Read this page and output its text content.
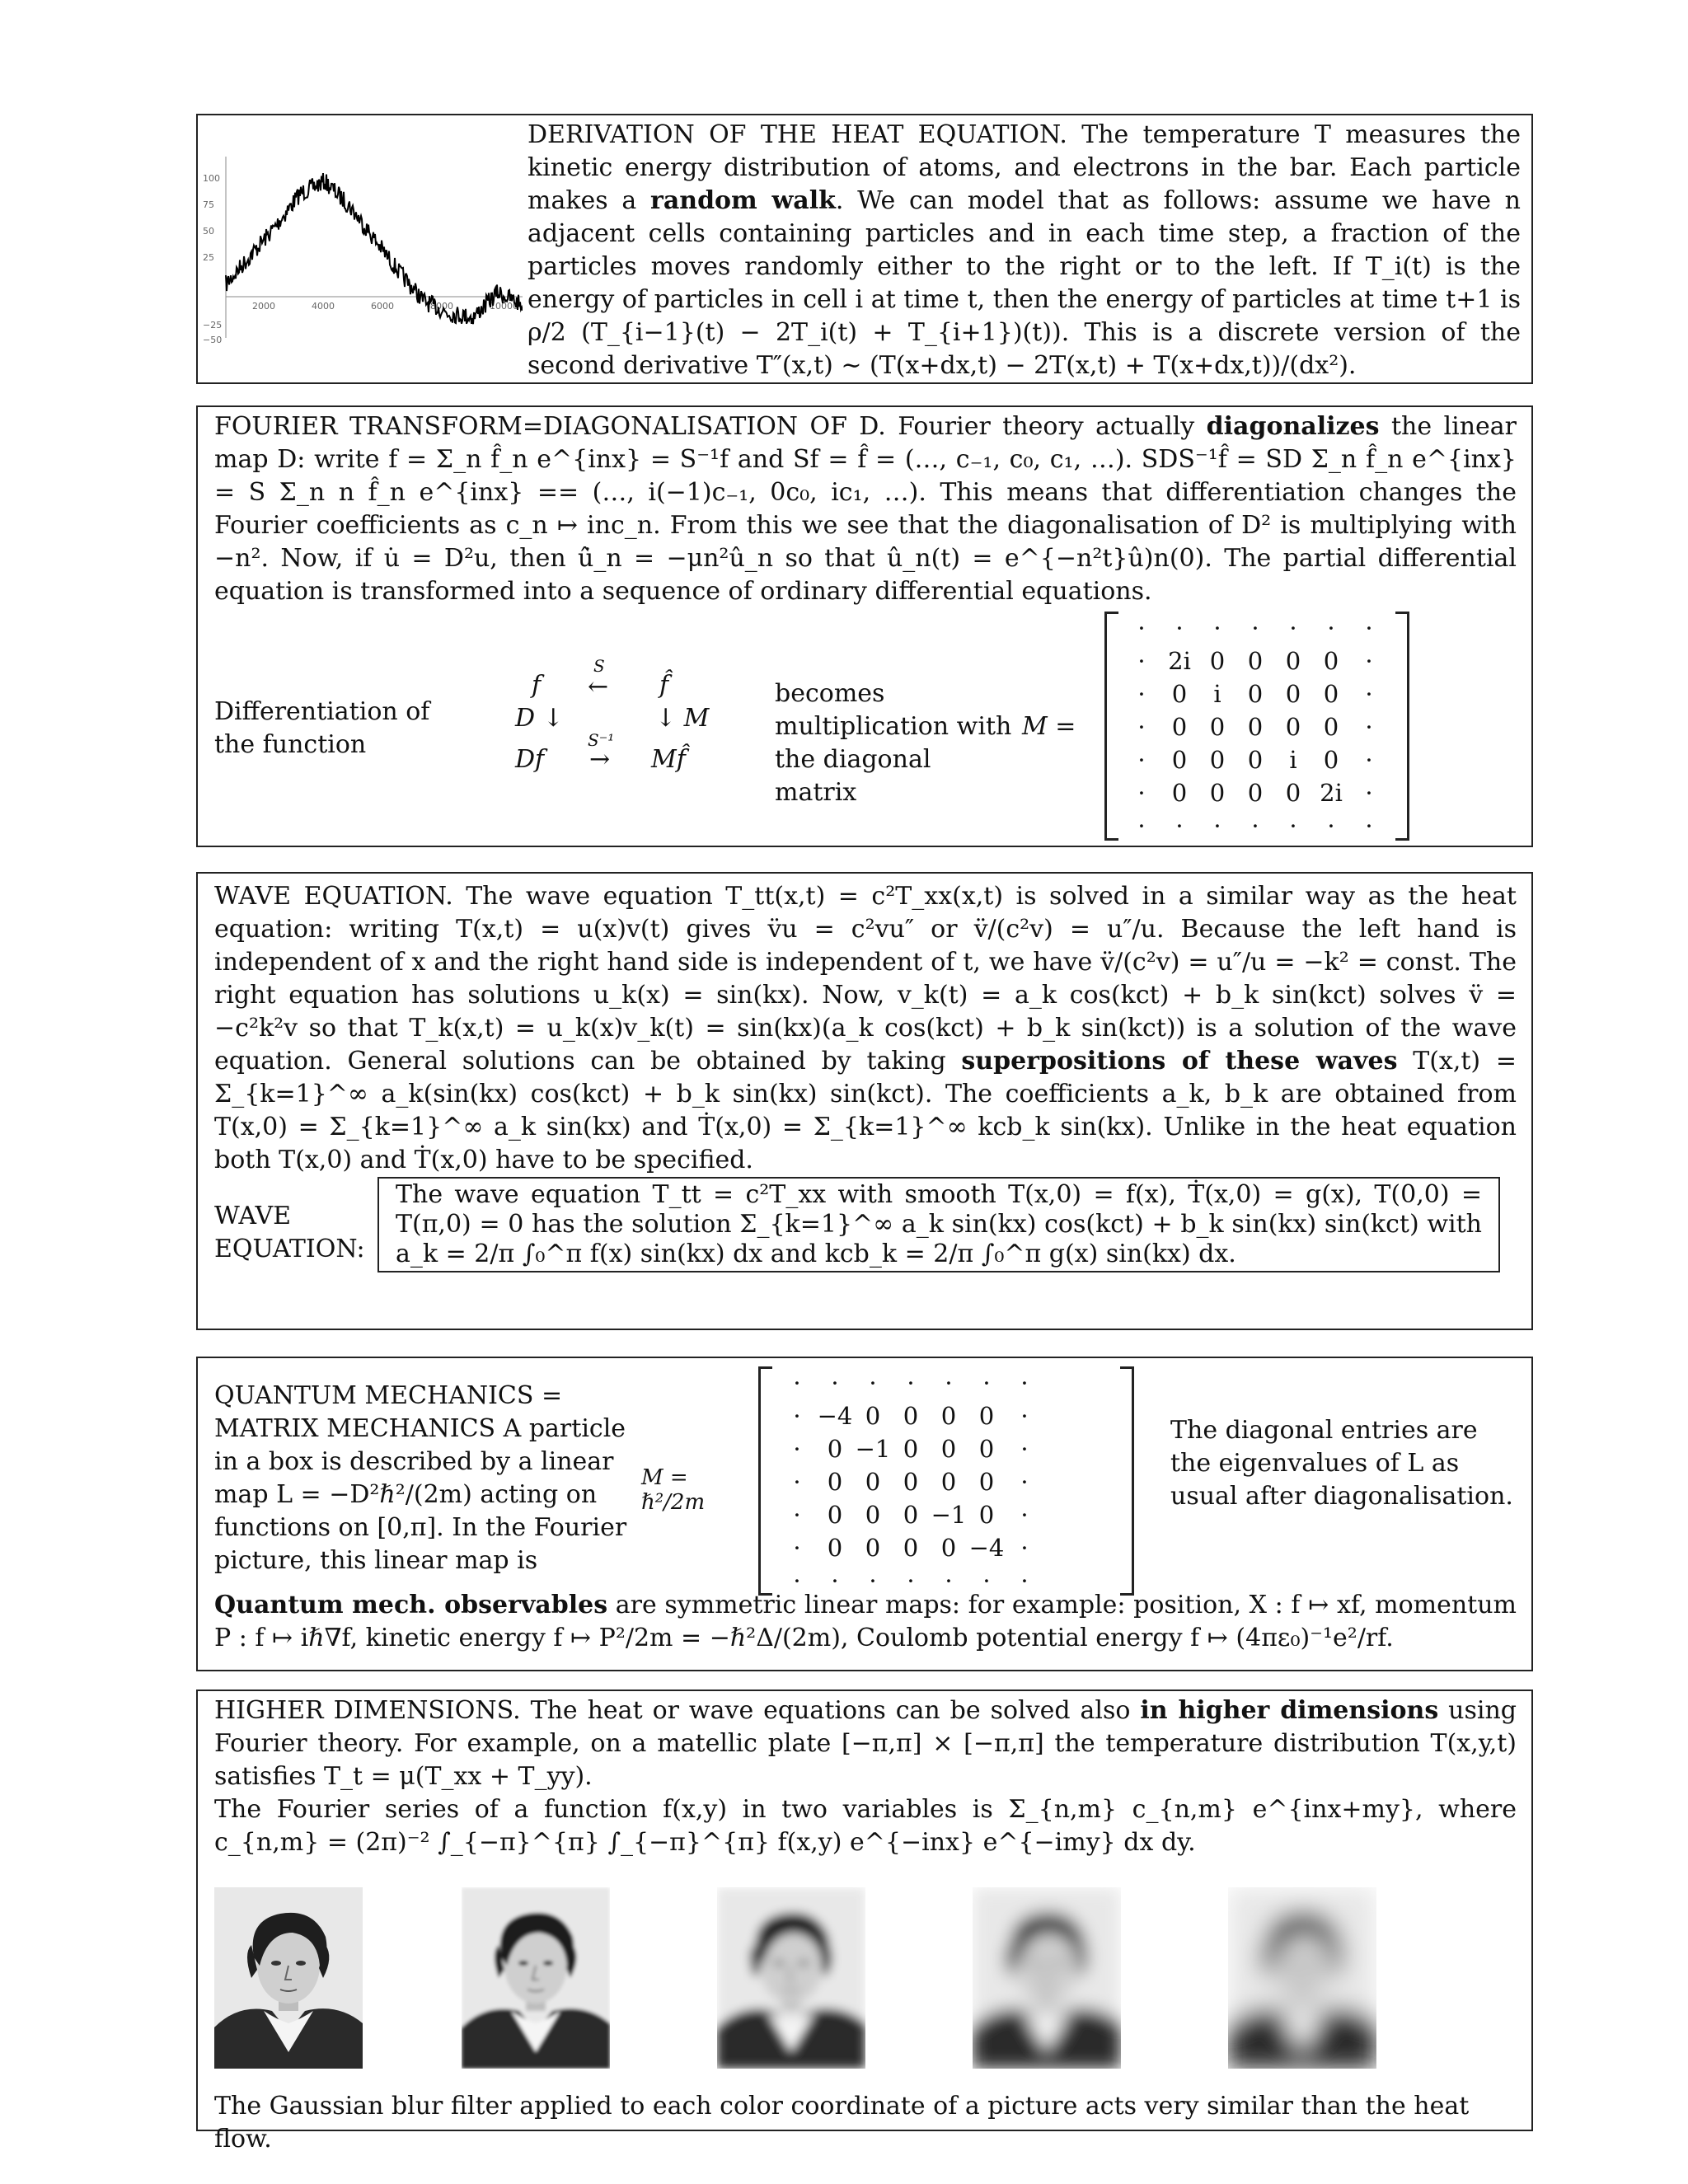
100
75
50
25
−25
−50
2000	4000	6000	8000	10000

DERIVATION OF THE HEAT EQUATION. The temperature T measures the kinetic energy distribution of atoms, and electrons in the bar. Each particle makes a random walk. We can model that as follows: assume we have n adjacent cells containing particles and in each time step, a fraction of the particles moves randomly either to the right or to the left. If T_i(t) is the energy of particles in cell i at time t, then the energy of particles at time t+1 is ρ/2 (T_{i−1}(t) − 2T_i(t) + T_{i+1})(t)). This is a discrete version of the second derivative T″(x,t) ∼ (T(x+dx,t) − 2T(x,t) + T(x+dx,t))/(dx²).

FOURIER TRANSFORM=DIAGONALISATION OF D. Fourier theory actually diagonalizes the linear map D: write f = Σ_n f̂_n e^{inx} = S⁻¹f and Sf = f̂ = (…, c₋₁, c₀, c₁, …). SDS⁻¹f̂ = SD Σ_n f̂_n e^{inx} = S Σ_n n f̂_n e^{inx} == (…, i(−1)c₋₁, 0c₀, ic₁, …). This means that differentiation changes the Fourier coefficients as c_n ↦ inc_n. From this we see that the diagonalisation of D² is multiplying with −n². Now, if u̇ = D²u, then û̇_n = −μn²û_n so that û_n(t) = e^{−n²t}û)n(0). The partial differential equation is transformed into a sequence of ordinary differential equations.

Differentiation of the function
f
S
← f̂
D ↓	↓ M
Df
S⁻¹
→ Mf̂
becomes multiplication with the diagonal matrix
M =
·	·	·	·	·	·	·
·	2i	0	0	0	0	·
·	0	i	0	0	0	·
·	0	0	0	0	0	·
·	0	0	0	i	0	·
·	0	0	0	0	2i	·
·	·	·	·	·	·	·

WAVE EQUATION. The wave equation T_tt(x,t) = c²T_xx(x,t) is solved in a similar way as the heat equation: writing T(x,t) = u(x)v(t) gives v̈u = c²vu″ or v̈/(c²v) = u″/u. Because the left hand is independent of x and the right hand side is independent of t, we have v̈/(c²v) = u″/u = −k² = const. The right equation has solutions u_k(x) = sin(kx). Now, v_k(t) = a_k cos(kct) + b_k sin(kct) solves v̈ = −c²k²v so that T_k(x,t) = u_k(x)v_k(t) = sin(kx)(a_k cos(kct) + b_k sin(kct)) is a solution of the wave equation. General solutions can be obtained by taking superpositions of these waves T(x,t) = Σ_{k=1}^∞ a_k(sin(kx) cos(kct) + b_k sin(kx) sin(kct). The coefficients a_k, b_k are obtained from T(x,0) = Σ_{k=1}^∞ a_k sin(kx) and Ṫ(x,0) = Σ_{k=1}^∞ kcb_k sin(kx). Unlike in the heat equation both T(x,0) and Ṫ(x,0) have to be specified.

WAVE EQUATION:
The wave equation T_tt = c²T_xx with smooth T(x,0) = f(x), Ṫ(x,0) = g(x), T(0,0) = T(π,0) = 0 has the solution Σ_{k=1}^∞ a_k sin(kx) cos(kct) + b_k sin(kx) sin(kct) with a_k = 2/π ∫₀^π f(x) sin(kx) dx and kcb_k = 2/π ∫₀^π g(x) sin(kx) dx.
QUANTUM MECHANICS = MATRIX MECHANICS A particle in a box is described by a linear map L = −D²ℏ²/(2m) acting on functions on [0,π]. In the Fourier picture, this linear map is
M = ℏ²/2m
·	·	·	·	·	·	·
·	−4	0	0	0	0	·
·	0	−1	0	0	0	·
·	0	0	0	0	0	·
·	0	0	0	−1	0	·
·	0	0	0	0	−4	·
·	·	·	·	·	·	·
The diagonal entries are the eigenvalues of L as usual after diagonalisation.

Quantum mech. observables are symmetric linear maps: for example: position, X : f ↦ xf, momentum P : f ↦ iℏ∇f, kinetic energy f ↦ P²/2m = −ℏ²Δ/(2m), Coulomb potential energy f ↦ (4πε₀)⁻¹e²/rf.

HIGHER DIMENSIONS. The heat or wave equations can be solved also in higher dimensions using Fourier theory. For example, on a matellic plate [−π,π] × [−π,π] the temperature distribution T(x,y,t) satisfies T_t = μ(T_xx + T_yy).

The Fourier series of a function f(x,y) in two variables is Σ_{n,m} c_{n,m} e^{inx+my}, where c_{n,m} = (2π)⁻² ∫_{−π}^{π} ∫_{−π}^{π} f(x,y) e^{−inx} e^{−imy} dx dy.

The Gaussian blur filter applied to each color coordinate of a picture acts very similar than the heat flow.
